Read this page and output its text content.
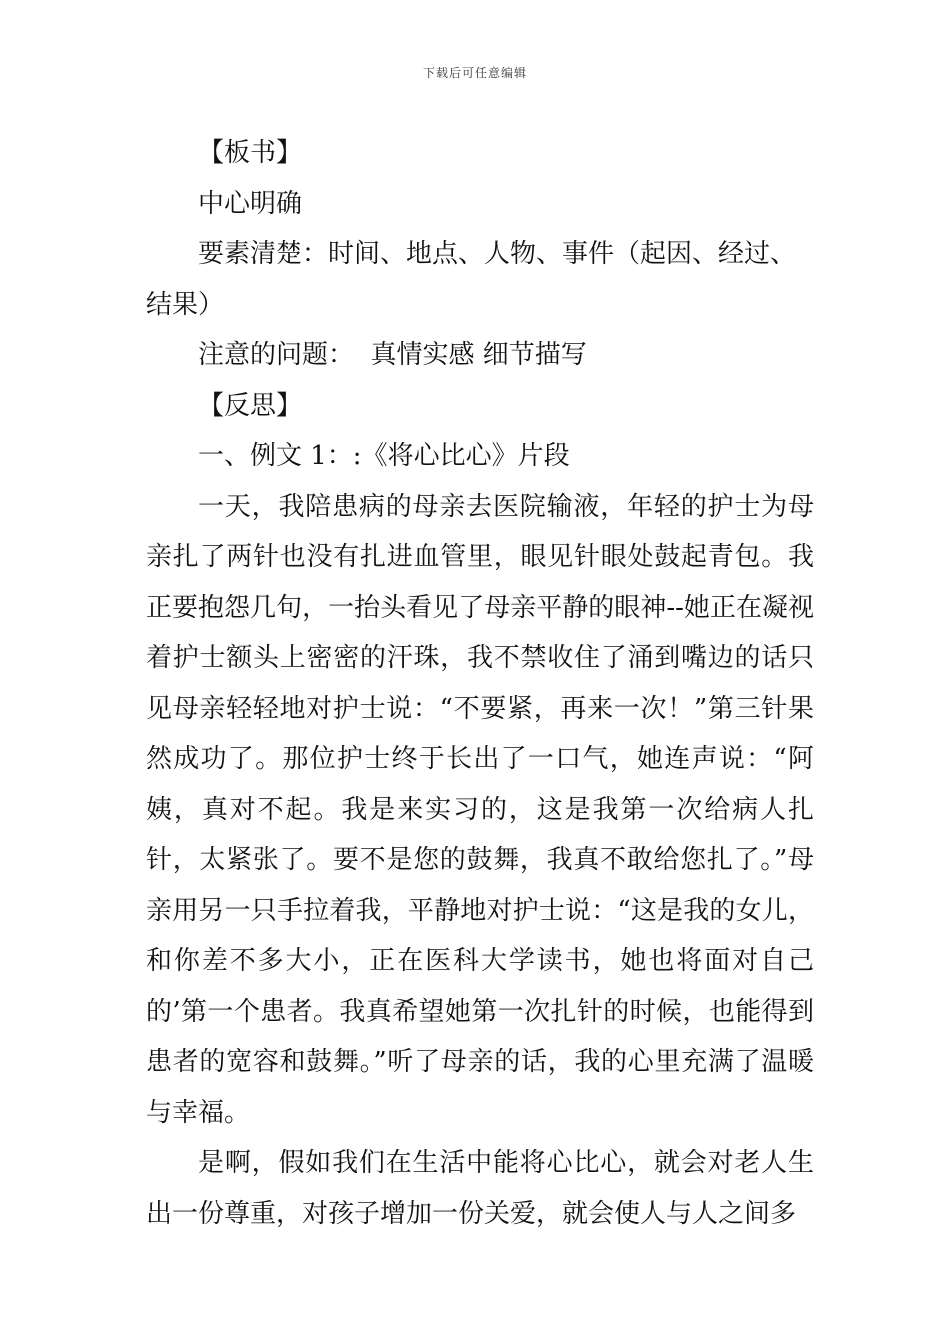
下载后可任意编辑

【板书】

中心明确

要素清楚：时间、地点、人物、事件（起因、经过、结果）

注意的问题：  真情实感 细节描写

【反思】

一、例文 1：:《将心比心》片段

一天，我陪患病的母亲去医院输液，年轻的护士为母亲扎了两针也没有扎进血管里，眼见针眼处鼓起青包。我正要抱怨几句，一抬头看见了母亲平静的眼神--她正在凝视着护士额头上密密的汗珠，我不禁收住了涌到嘴边的话只见母亲轻轻地对护士说：“不要紧，再来一次！”第三针果然成功了。那位护士终于长出了一口气，她连声说：“阿姨，真对不起。我是来实习的，这是我第一次给病人扎针，太紧张了。要不是您的鼓舞，我真不敢给您扎了。”母亲用另一只手拉着我，平静地对护士说：“这是我的女儿，和你差不多大小，正在医科大学读书，她也将面对自己的’第一个患者。我真希望她第一次扎针的时候，也能得到患者的宽容和鼓舞。”听了母亲的话，我的心里充满了温暖与幸福。

是啊，假如我们在生活中能将心比心，就会对老人生出一份尊重，对孩子增加一份关爱，就会使人与人之间多
